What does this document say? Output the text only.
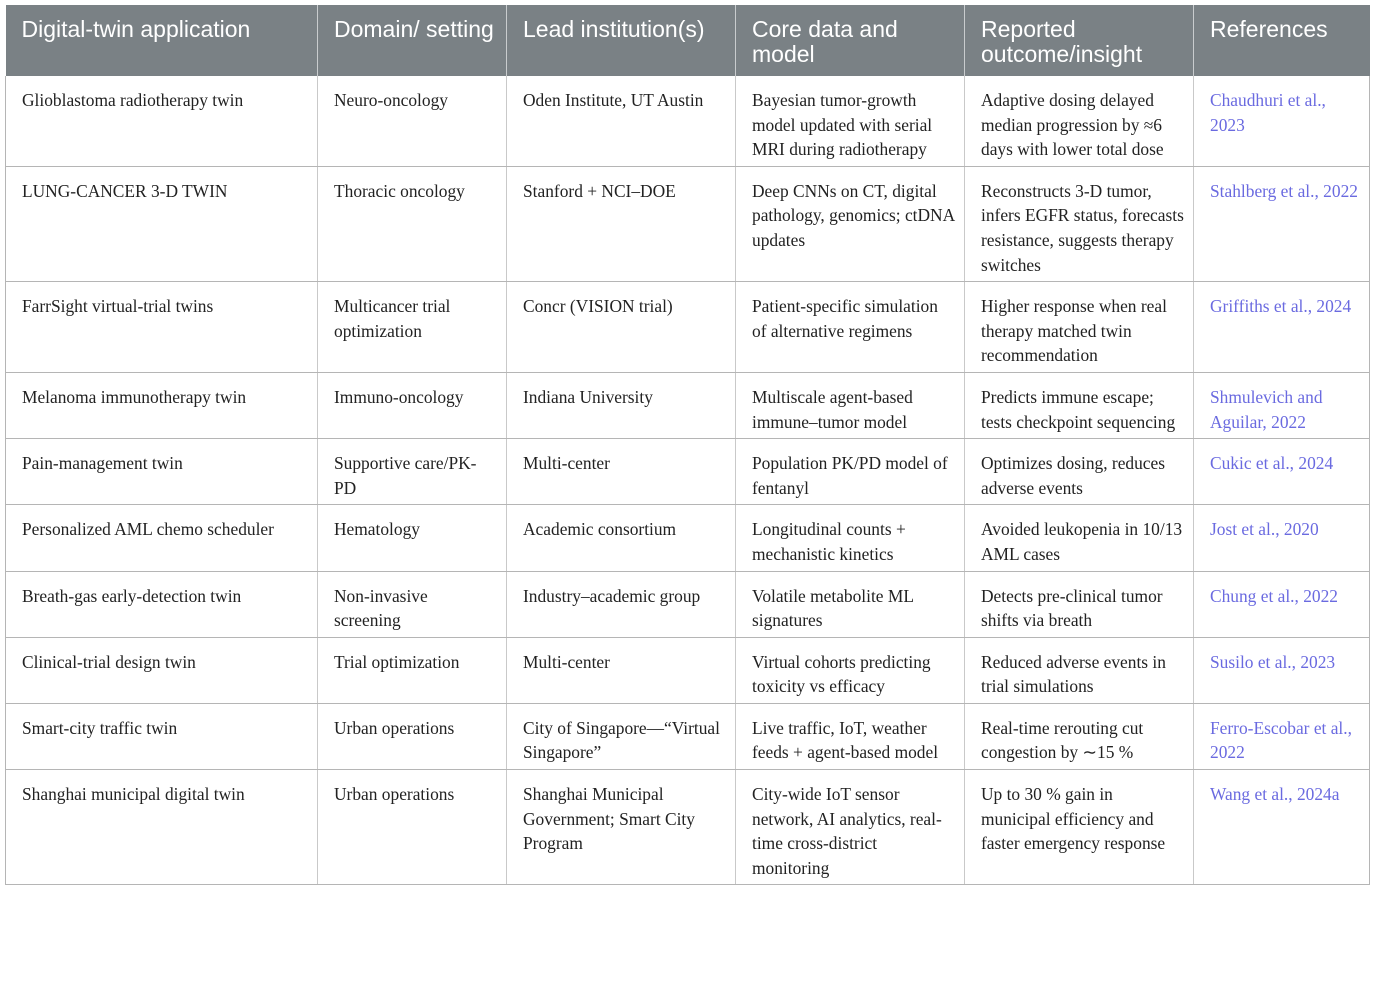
Digital-twin application	Domain/ setting	Lead institution(s)	Core data and model	Reported outcome/insight	References
Glioblastoma radiotherapy twin	Neuro-oncology	Oden Institute, UT Austin	Bayesian tumor-growth model updated with serial MRI during radiotherapy	Adaptive dosing delayed median progression by ≈6 days with lower total dose	Chaudhuri et al., 2023
LUNG-CANCER 3-D TWIN	Thoracic oncology	Stanford + NCI–DOE	Deep CNNs on CT, digital pathology, genomics; ctDNA updates	Reconstructs 3-D tumor, infers EGFR status, forecasts resistance, suggests therapy switches	Stahlberg et al., 2022
FarrSight virtual-trial twins	Multicancer trial optimization	Concr (VISION trial)	Patient-specific simulation of alternative regimens	Higher response when real therapy matched twin recommendation	Griffiths et al., 2024
Melanoma immunotherapy twin	Immuno-oncology	Indiana University	Multiscale agent-based immune–tumor model	Predicts immune escape; tests checkpoint sequencing	Shmulevich and Aguilar, 2022
Pain-management twin	Supportive care/PK-PD	Multi-center	Population PK/PD model of fentanyl	Optimizes dosing, reduces adverse events	Cukic et al., 2024
Personalized AML chemo scheduler	Hematology	Academic consortium	Longitudinal counts + mechanistic kinetics	Avoided leukopenia in 10/13 AML cases	Jost et al., 2020
Breath-gas early-detection twin	Non-invasive screening	Industry–academic group	Volatile metabolite ML signatures	Detects pre-clinical tumor shifts via breath	Chung et al., 2022
Clinical-trial design twin	Trial optimization	Multi-center	Virtual cohorts predicting toxicity vs efficacy	Reduced adverse events in trial simulations	Susilo et al., 2023
Smart-city traffic twin	Urban operations	City of Singapore—“Virtual Singapore”	Live traffic, IoT, weather feeds + agent-based model	Real-time rerouting cut congestion by ∼15 %	Ferro-Escobar et al., 2022
Shanghai municipal digital twin	Urban operations	Shanghai Municipal Government; Smart City Program	City-wide IoT sensor network, AI analytics, real-time cross-district monitoring	Up to 30 % gain in municipal efficiency and faster emergency response	Wang et al., 2024a
